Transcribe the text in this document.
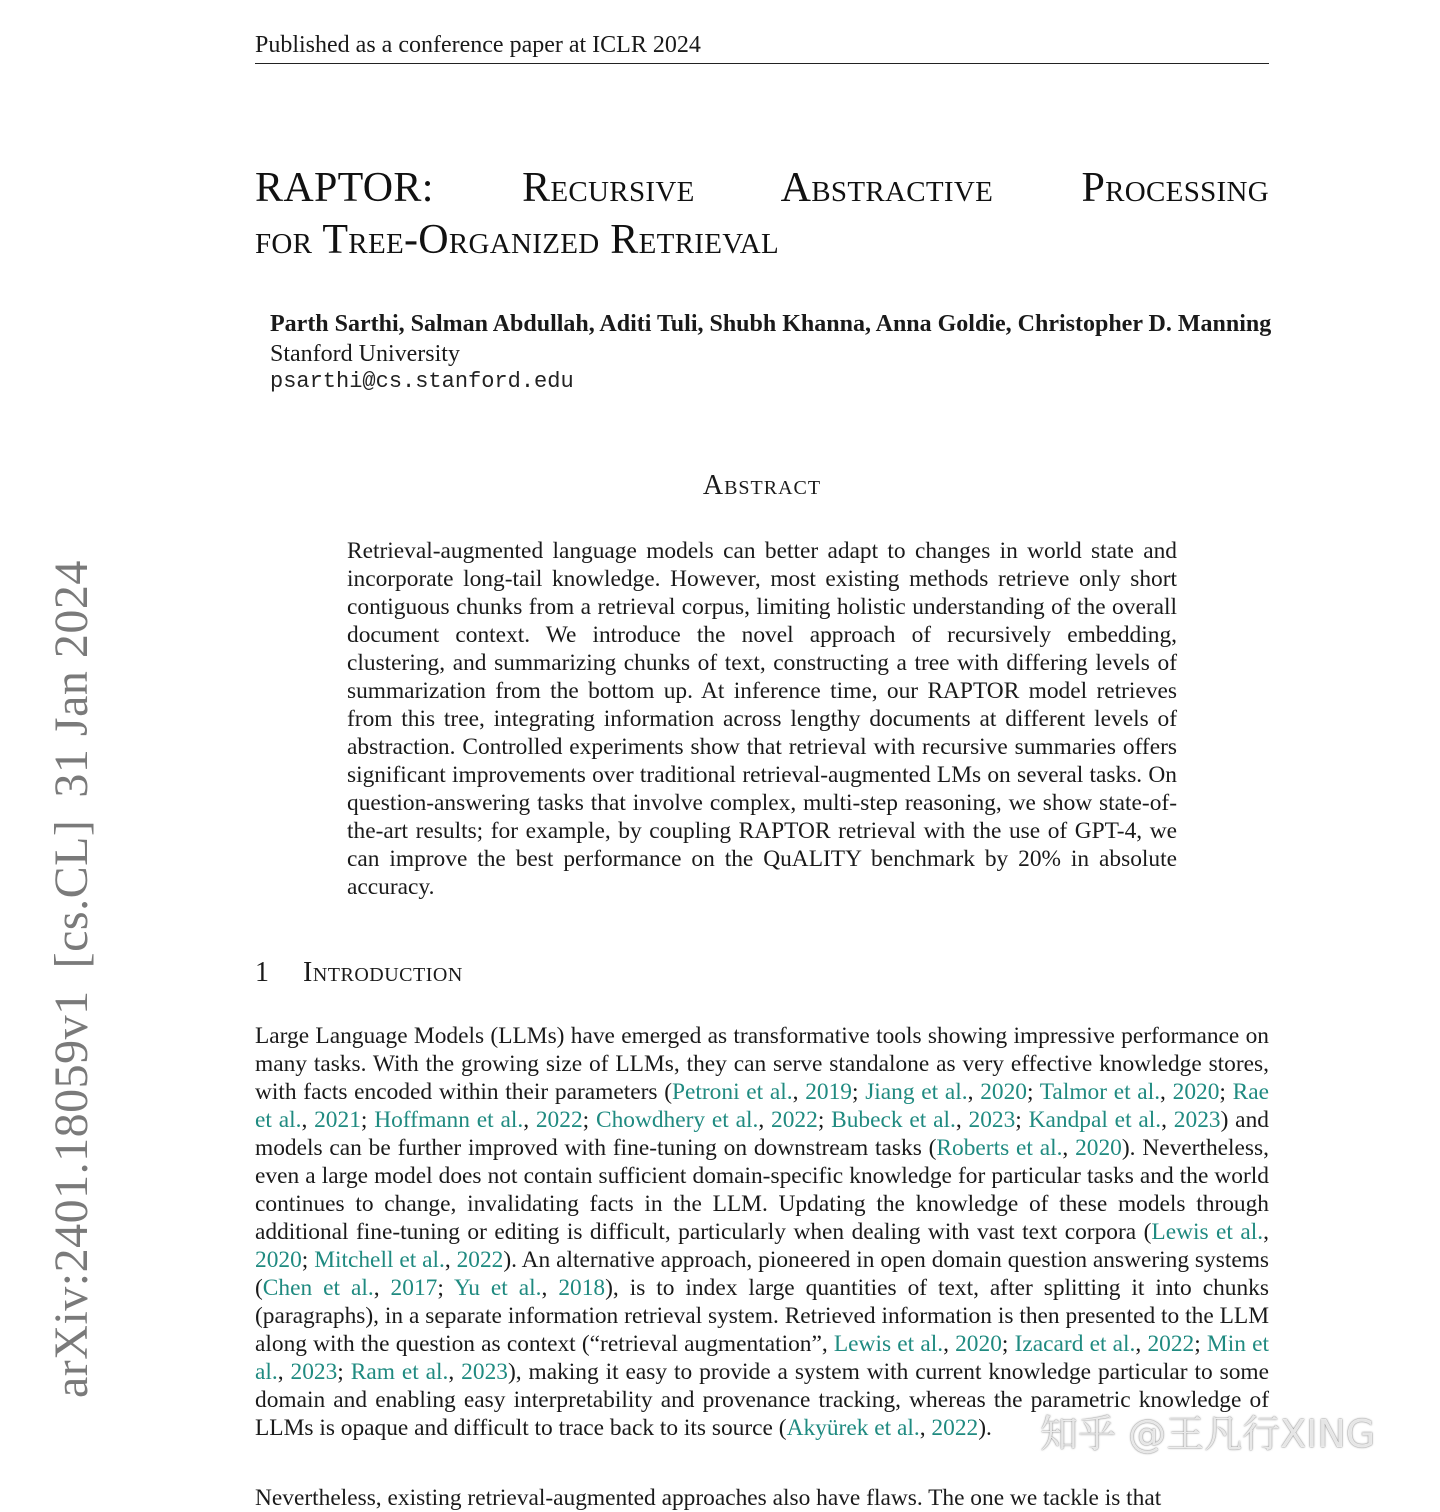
Published as a conference paper at ICLR 2024
RAPTOR: Recursive Abstractive Processing
for Tree-Organized Retrieval
Parth Sarthi, Salman Abdullah, Aditi Tuli, Shubh Khanna, Anna Goldie, Christopher D. Manning
Stanford University
psarthi@cs.stanford.edu
Abstract
Retrieval-augmented language models can better adapt to changes in world state and incorporate long-tail knowledge. However, most existing methods retrieve only short contiguous chunks from a retrieval corpus, limiting holistic understanding of the overall document context. We introduce the novel approach of recursively embedding, clustering, and summarizing chunks of text, constructing a tree with differing levels of summarization from the bottom up. At inference time, our RAPTOR model retrieves from this tree, integrating information across lengthy documents at different levels of abstraction. Controlled experiments show that retrieval with recursive summaries offers significant improvements over traditional retrieval-augmented LMs on several tasks. On question-answering tasks that involve complex, multi-step reasoning, we show state-of-the-art results; for example, by coupling RAPTOR retrieval with the use of GPT-4, we can improve the best performance on the QuALITY benchmark by 20% in absolute accuracy.
1 Introduction
Large Language Models (LLMs) have emerged as transformative tools showing impressive performance on many tasks. With the growing size of LLMs, they can serve standalone as very effective knowledge stores, with facts encoded within their parameters (Petroni et al., 2019; Jiang et al., 2020; Talmor et al., 2020; Rae et al., 2021; Hoffmann et al., 2022; Chowdhery et al., 2022; Bubeck et al., 2023; Kandpal et al., 2023) and models can be further improved with fine-tuning on downstream tasks (Roberts et al., 2020). Nevertheless, even a large model does not contain sufficient domain-specific knowledge for particular tasks and the world continues to change, invalidating facts in the LLM. Updating the knowledge of these models through additional fine-tuning or editing is difficult, particularly when dealing with vast text corpora (Lewis et al., 2020; Mitchell et al., 2022). An alternative approach, pioneered in open domain question answering systems (Chen et al., 2017; Yu et al., 2018), is to index large quantities of text, after splitting it into chunks (paragraphs), in a separate information retrieval system. Retrieved information is then presented to the LLM along with the question as context (“retrieval augmentation”, Lewis et al., 2020; Izacard et al., 2022; Min et al., 2023; Ram et al., 2023), making it easy to provide a system with current knowledge particular to some domain and enabling easy interpretability and provenance tracking, whereas the parametric knowledge of LLMs is opaque and difficult to trace back to its source (Akyürek et al., 2022).
Nevertheless, existing retrieval-augmented approaches also have flaws. The one we tackle is that
arXiv:2401.18059v1[cs.CL]31 Jan 2024
知乎 @王凡行XING
